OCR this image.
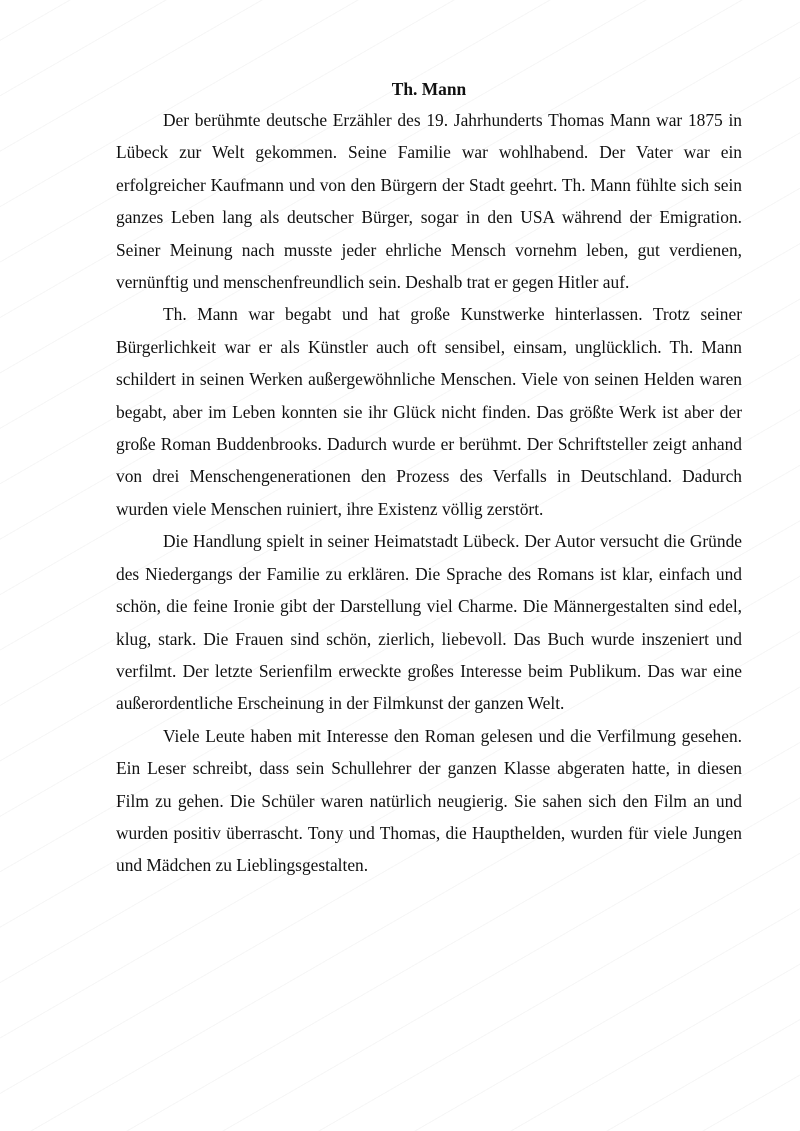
Th. Mann

Der berühmte deutsche Erzähler des 19. Jahrhunderts Thomas Mann war 1875 in Lübeck zur Welt gekommen. Seine Familie war wohlhabend. Der Vater war ein erfolgreicher Kaufmann und von den Bürgern der Stadt geehrt. Th. Mann fühlte sich sein ganzes Leben lang als deutscher Bürger, sogar in den USA während der Emigration. Seiner Meinung nach musste jeder ehrliche Mensch vornehm leben, gut verdienen, vernünftig und menschenfreundlich sein. Deshalb trat er gegen Hitler auf.

Th. Mann war begabt und hat große Kunstwerke hinterlassen. Trotz seiner Bürgerlichkeit war er als Künstler auch oft sensibel, einsam, unglücklich. Th. Mann schildert in seinen Werken außergewöhnliche Menschen. Viele von seinen Helden waren begabt, aber im Leben konnten sie ihr Glück nicht finden. Das größte Werk ist aber der große Roman Buddenbrooks. Dadurch wurde er berühmt. Der Schriftsteller zeigt anhand von drei Menschengenerationen den Prozess des Verfalls in Deutschland. Dadurch wurden viele Menschen ruiniert, ihre Existenz völlig zerstört.

Die Handlung spielt in seiner Heimatstadt Lübeck. Der Autor versucht die Gründe des Niedergangs der Familie zu erklären. Die Sprache des Romans ist klar, einfach und schön, die feine Ironie gibt der Darstellung viel Charme. Die Männergestalten sind edel, klug, stark. Die Frauen sind schön, zierlich, liebevoll. Das Buch wurde inszeniert und verfilmt. Der letzte Serienfilm erweckte großes Interesse beim Publikum. Das war eine außerordentliche Erscheinung in der Filmkunst der ganzen Welt.

Viele Leute haben mit Interesse den Roman gelesen und die Verfilmung gesehen. Ein Leser schreibt, dass sein Schullehrer der ganzen Klasse abgeraten hatte, in diesen Film zu gehen. Die Schüler waren natürlich neugierig. Sie sahen sich den Film an und wurden positiv überrascht. Tony und Thomas, die Haupthelden, wurden für viele Jungen und Mädchen zu Lieblingsgestalten.
